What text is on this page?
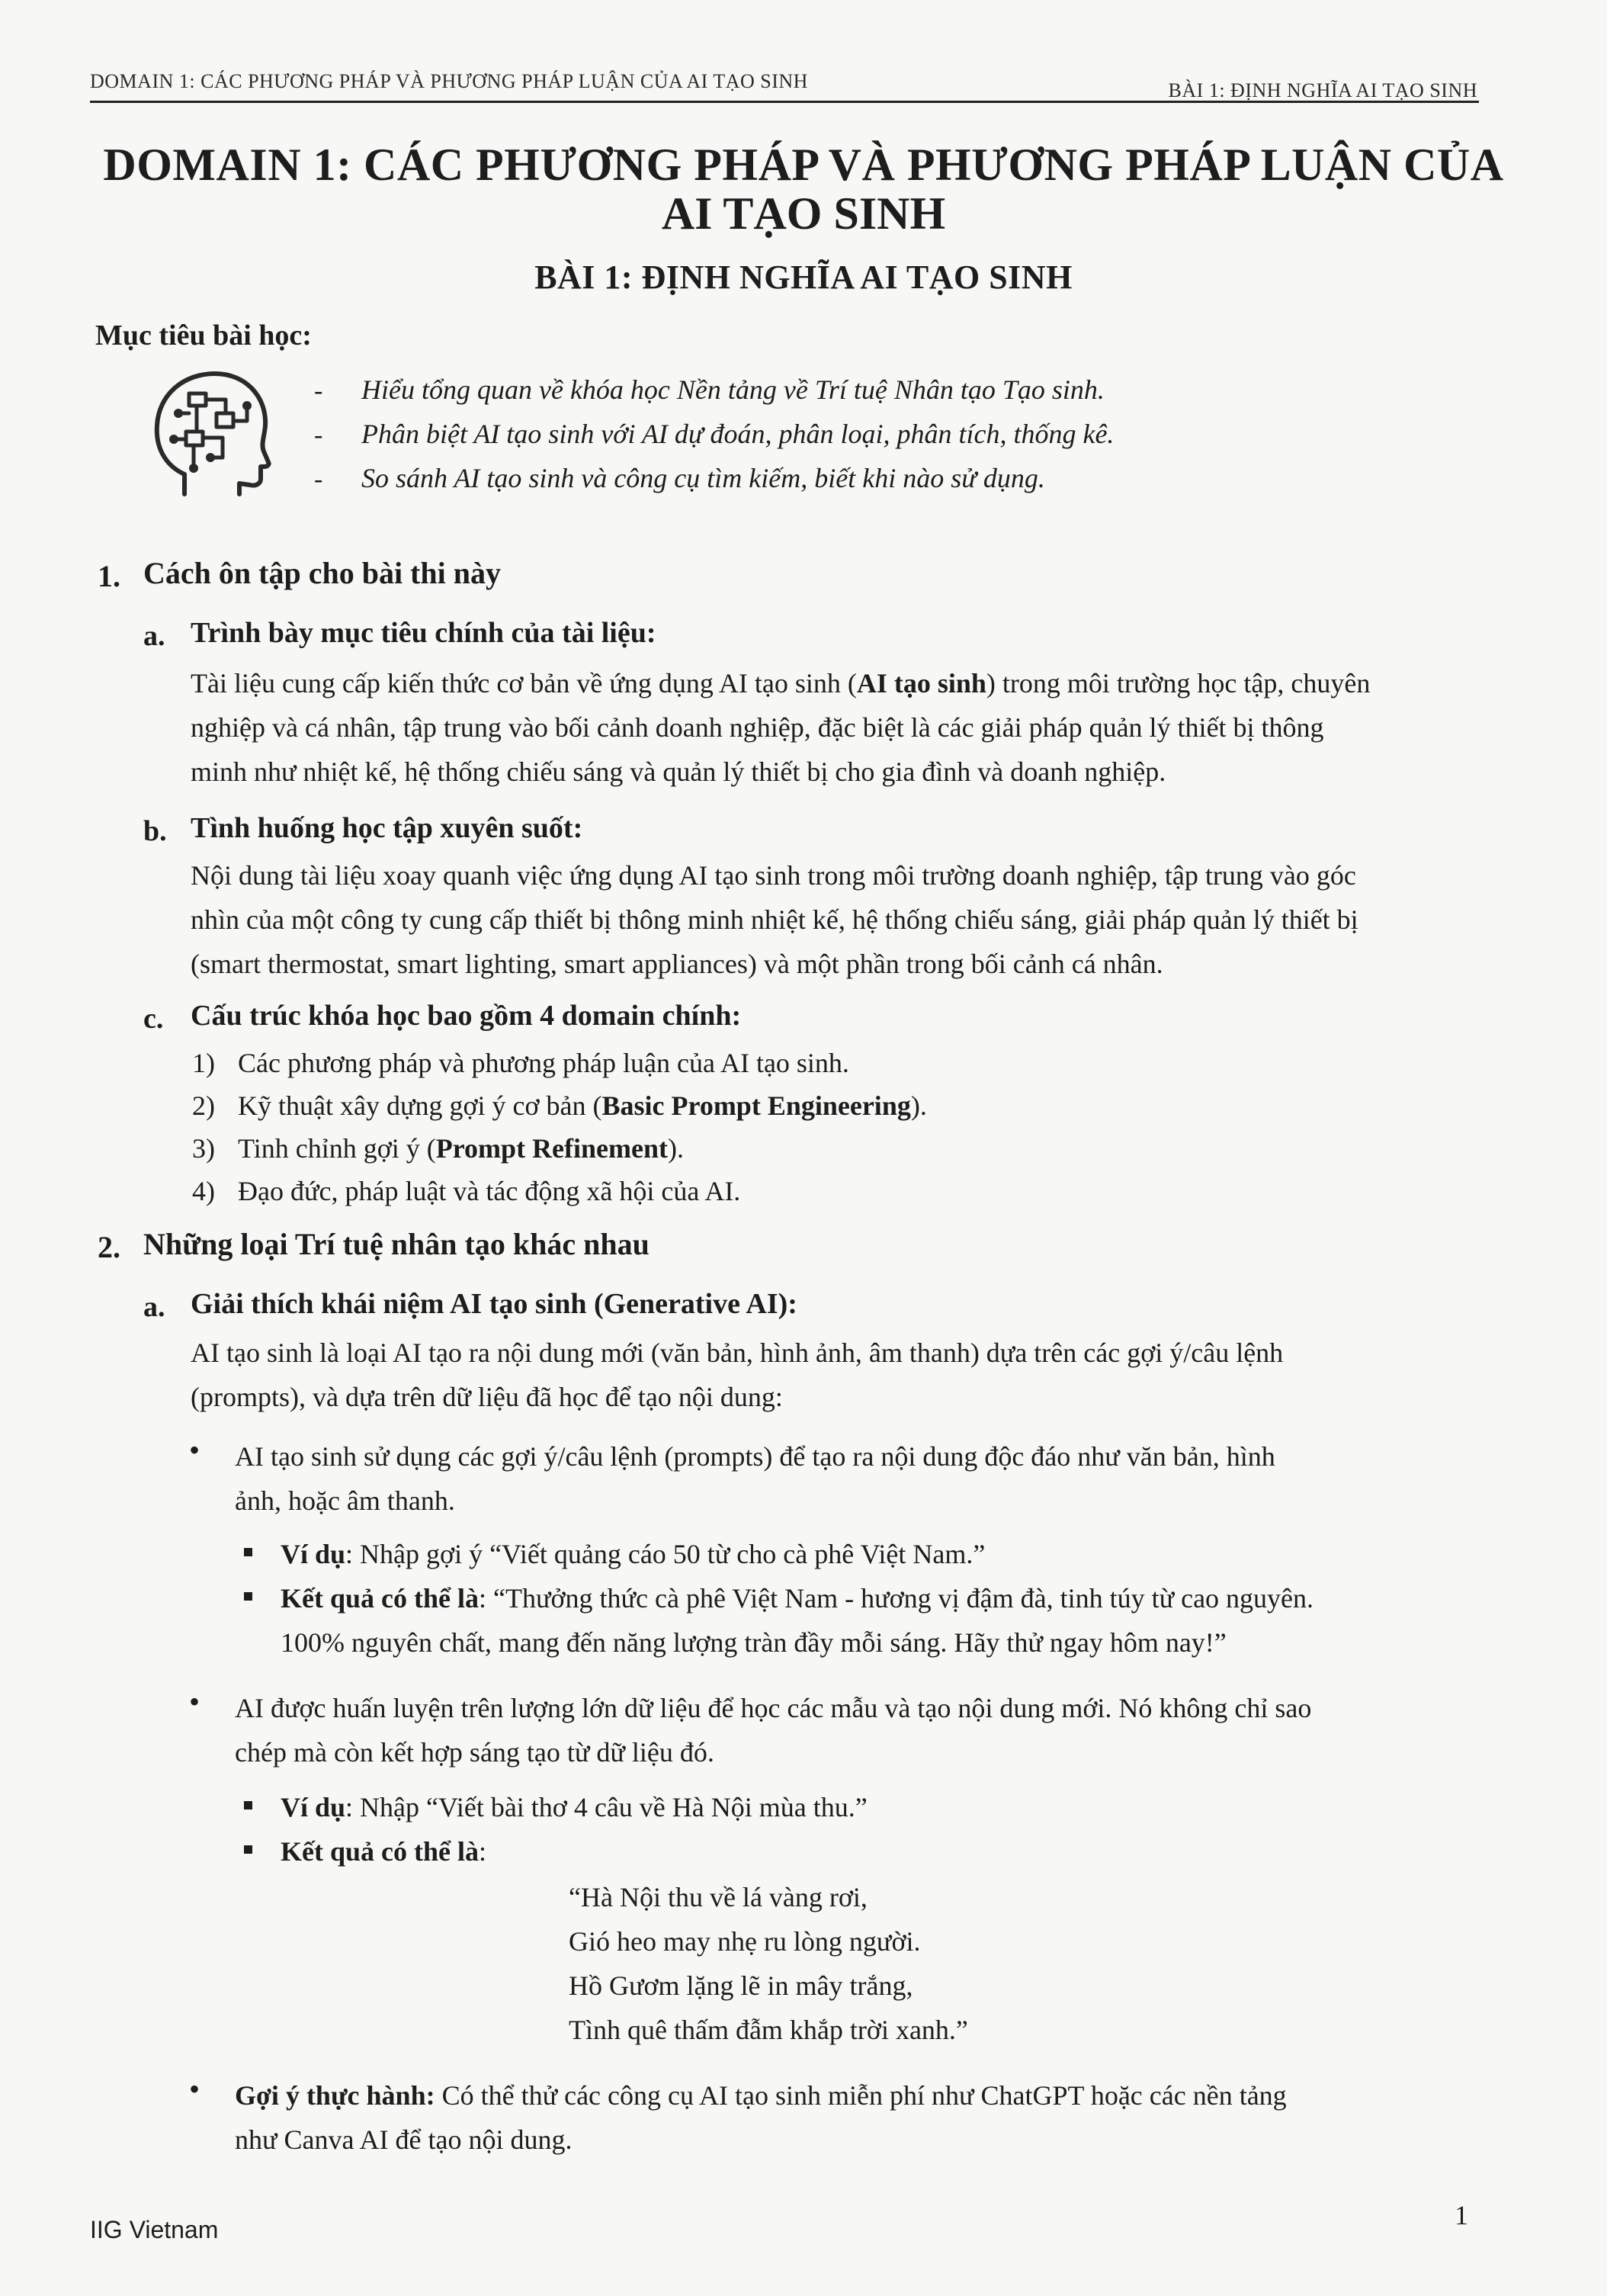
DOMAIN 1: CÁC PHƯƠNG PHÁP VÀ PHƯƠNG PHÁP LUẬN CỦA AI TẠO SINH	BÀI 1: ĐỊNH NGHĨA AI TẠO SINH
DOMAIN 1: CÁC PHƯƠNG PHÁP VÀ PHƯƠNG PHÁP LUẬN CỦA
AI TẠO SINH
BÀI 1: ĐỊNH NGHĨA AI TẠO SINH
Mục tiêu bài học:
- Hiểu tổng quan về khóa học Nền tảng về Trí tuệ Nhân tạo Tạo sinh.
- Phân biệt AI tạo sinh với AI dự đoán, phân loại, phân tích, thống kê.
- So sánh AI tạo sinh và công cụ tìm kiếm, biết khi nào sử dụng.
1. Cách ôn tập cho bài thi này
a. Trình bày mục tiêu chính của tài liệu:
Tài liệu cung cấp kiến thức cơ bản về ứng dụng AI tạo sinh (AI tạo sinh) trong môi trường học tập, chuyên
nghiệp và cá nhân, tập trung vào bối cảnh doanh nghiệp, đặc biệt là các giải pháp quản lý thiết bị thông
minh như nhiệt kế, hệ thống chiếu sáng và quản lý thiết bị cho gia đình và doanh nghiệp.
b. Tình huống học tập xuyên suốt:
Nội dung tài liệu xoay quanh việc ứng dụng AI tạo sinh trong môi trường doanh nghiệp, tập trung vào góc
nhìn của một công ty cung cấp thiết bị thông minh nhiệt kế, hệ thống chiếu sáng, giải pháp quản lý thiết bị
(smart thermostat, smart lighting, smart appliances) và một phần trong bối cảnh cá nhân.
c. Cấu trúc khóa học bao gồm 4 domain chính:
1) Các phương pháp và phương pháp luận của AI tạo sinh.
2) Kỹ thuật xây dựng gợi ý cơ bản (Basic Prompt Engineering).
3) Tinh chỉnh gợi ý (Prompt Refinement).
4) Đạo đức, pháp luật và tác động xã hội của AI.
2. Những loại Trí tuệ nhân tạo khác nhau
a. Giải thích khái niệm AI tạo sinh (Generative AI):
AI tạo sinh là loại AI tạo ra nội dung mới (văn bản, hình ảnh, âm thanh) dựa trên các gợi ý/câu lệnh
(prompts), và dựa trên dữ liệu đã học để tạo nội dung:
• AI tạo sinh sử dụng các gợi ý/câu lệnh (prompts) để tạo ra nội dung độc đáo như văn bản, hình
ảnh, hoặc âm thanh.
Ví dụ: Nhập gợi ý “Viết quảng cáo 50 từ cho cà phê Việt Nam.”
Kết quả có thể là: “Thưởng thức cà phê Việt Nam - hương vị đậm đà, tinh túy từ cao nguyên.
100% nguyên chất, mang đến năng lượng tràn đầy mỗi sáng. Hãy thử ngay hôm nay!”
• AI được huấn luyện trên lượng lớn dữ liệu để học các mẫu và tạo nội dung mới. Nó không chỉ sao
chép mà còn kết hợp sáng tạo từ dữ liệu đó.
Ví dụ: Nhập “Viết bài thơ 4 câu về Hà Nội mùa thu.”
Kết quả có thể là:
“Hà Nội thu về lá vàng rơi,
Gió heo may nhẹ ru lòng người.
Hồ Gươm lặng lẽ in mây trắng,
Tình quê thấm đẫm khắp trời xanh.”
• Gợi ý thực hành: Có thể thử các công cụ AI tạo sinh miễn phí như ChatGPT hoặc các nền tảng
như Canva AI để tạo nội dung.
IIG Vietnam	1
